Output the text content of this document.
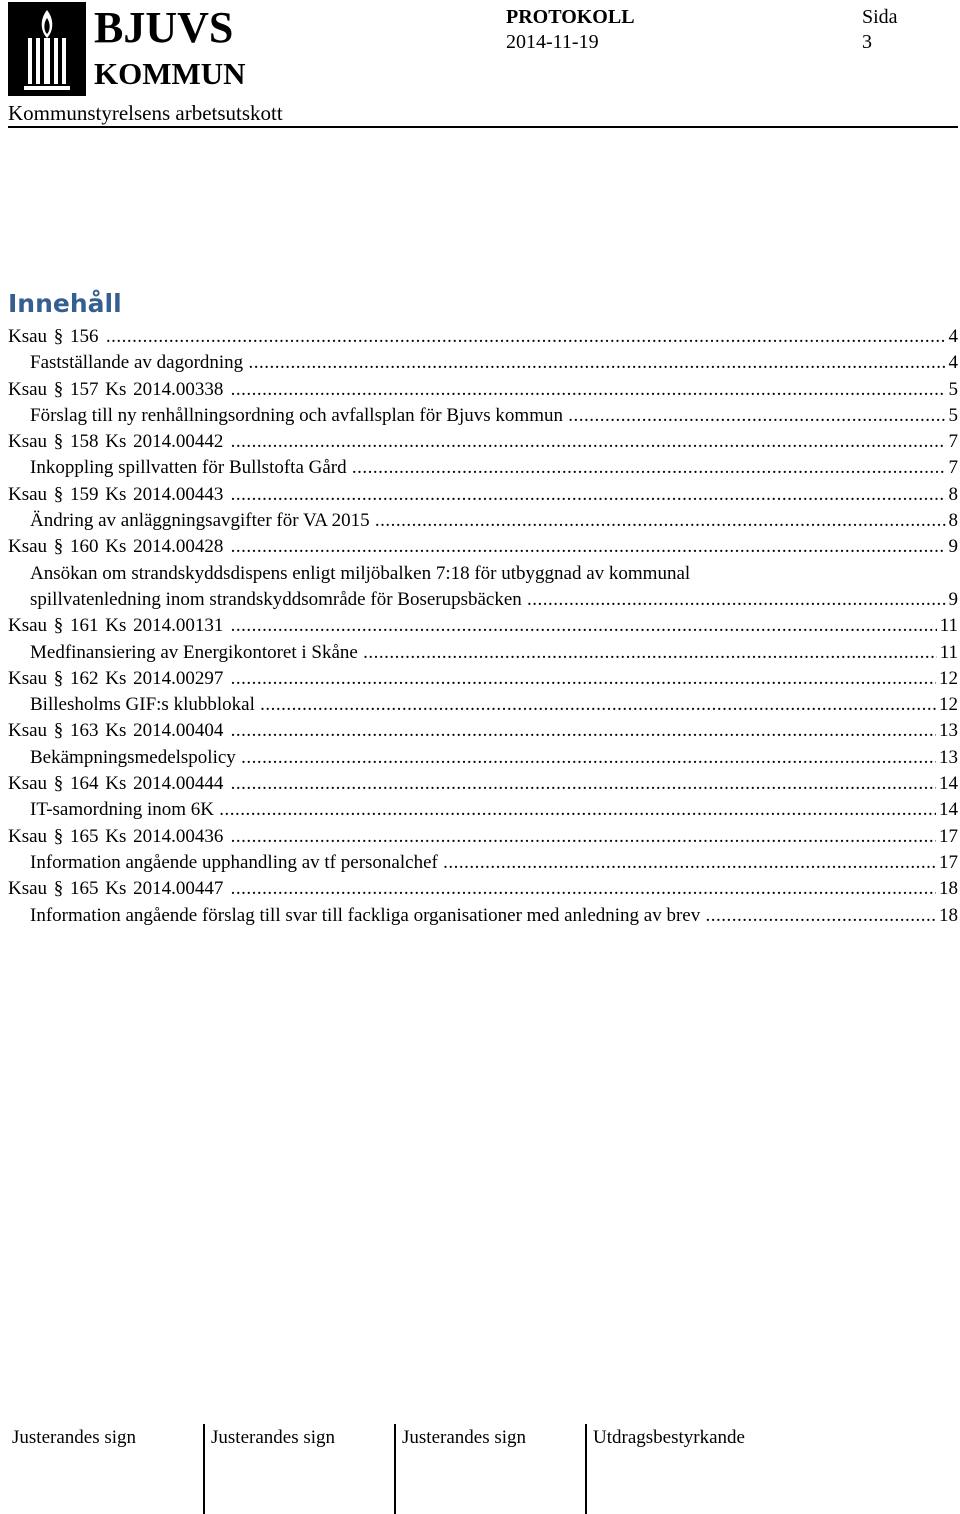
BJUVS
KOMMUN
PROTOKOLL
2014-11-19
Sida
3
Kommunstyrelsens arbetsutskott
Innehåll
Ksau § 156 .....	4
Fastställande av dagordning .....	4
Ksau § 157 Ks 2014.00338 .....	5
Förslag till ny renhållningsordning och avfallsplan för Bjuvs kommun .....	5
Ksau § 158 Ks 2014.00442 .....	7
Inkoppling spillvatten för Bullstofta Gård .....	7
Ksau § 159 Ks 2014.00443 .....	8
Ändring av anläggningsavgifter för VA 2015 .....	8
Ksau § 160 Ks 2014.00428 .....	9
Ansökan om strandskyddsdispens enligt miljöbalken 7:18 för utbyggnad av kommunal
spillvatenledning inom strandskyddsområde för Boserupsbäcken .....	9
Ksau § 161 Ks 2014.00131 .....	11
Medfinansiering av Energikontoret i Skåne .....	11
Ksau § 162 Ks 2014.00297 .....	12
Billesholms GIF:s klubblokal .....	12
Ksau § 163 Ks 2014.00404 .....	13
Bekämpningsmedelspolicy .....	13
Ksau § 164 Ks 2014.00444 .....	14
IT-samordning inom 6K .....	14
Ksau § 165 Ks 2014.00436 .....	17
Information angående upphandling av tf personalchef .....	17
Ksau § 165 Ks 2014.00447 .....	18
Information angående förslag till svar till fackliga organisationer med anledning av brev .....	18
Justerandes sign	Justerandes sign	Justerandes sign	Utdragsbestyrkande
